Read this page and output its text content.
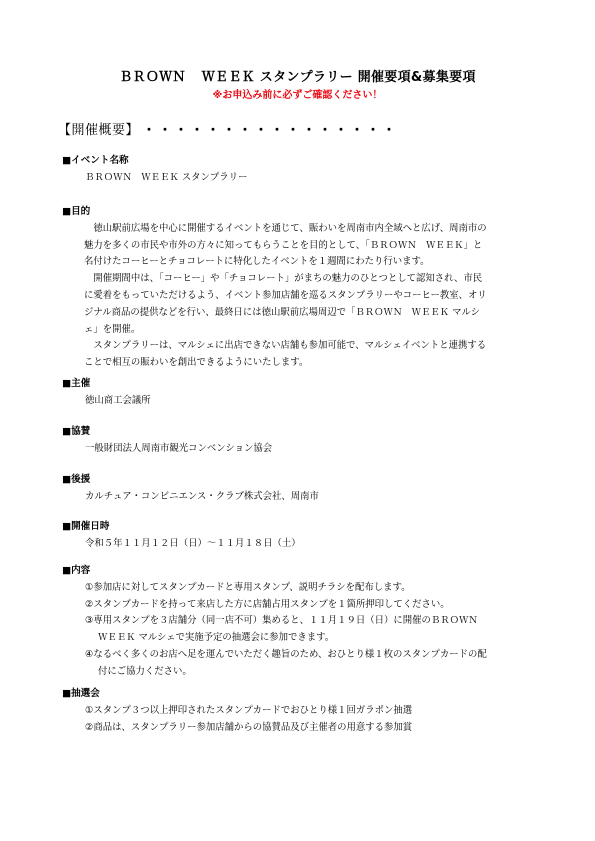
ＢＲＯＷＮ ＷＥＥＫ スタンプラリー 開催要項&募集要項
※お申込み前に必ずご確認ください！
【開催概要】 ・・・・・・・・・・・・・・・・
■イベント名称
ＢＲＯＷＮ　ＷＥＥＫ スタンプラリー
■目的
　徳山駅前広場を中心に開催するイベントを通じて、賑わいを周南市内全域へと広げ、周南市の
魅力を多くの市民や市外の方々に知ってもらうことを目的として、「ＢＲＯＷＮ　ＷＥＥＫ」と
名付けたコーヒーとチョコレートに特化したイベントを１週間にわたり行います。
　開催期間中は、「コーヒー」や「チョコレート」がまちの魅力のひとつとして認知され、市民
に愛着をもっていただけるよう、イベント参加店舗を巡るスタンプラリーやコーヒー教室、オリ
ジナル商品の提供などを行い、最終日には徳山駅前広場周辺で「ＢＲＯＷＮ　ＷＥＥＫ マルシ
ェ」を開催。
　スタンプラリーは、マルシェに出店できない店舗も参加可能で、マルシェイベントと連携する
ことで相互の賑わいを創出できるようにいたします。
■主催
徳山商工会議所
■協賛
一般財団法人周南市観光コンベンション協会
■後援
カルチュア・コンビニエンス・クラブ株式会社、周南市
■開催日時
令和５年１１月１２日（日）～１１月１８日（土）
■内容
①参加店に対してスタンプカードと専用スタンプ、説明チラシを配布します。
②スタンプカードを持って来店した方に店舗占用スタンプを１箇所押印してください。
③専用スタンプを３店舗分（同一店不可）集めると、１１月１９日（日）に開催のＢＲＯＷＮ
ＷＥＥＫ マルシェで実施予定の抽選会に参加できます。
④なるべく多くのお店へ足を運んでいただく趣旨のため、おひとり様１枚のスタンプカードの配
付にご協力ください。
■抽選会
①スタンプ３つ以上押印されたスタンプカードでおひとり様１回ガラポン抽選
②商品は、スタンプラリー参加店舗からの協賛品及び主催者の用意する参加賞
